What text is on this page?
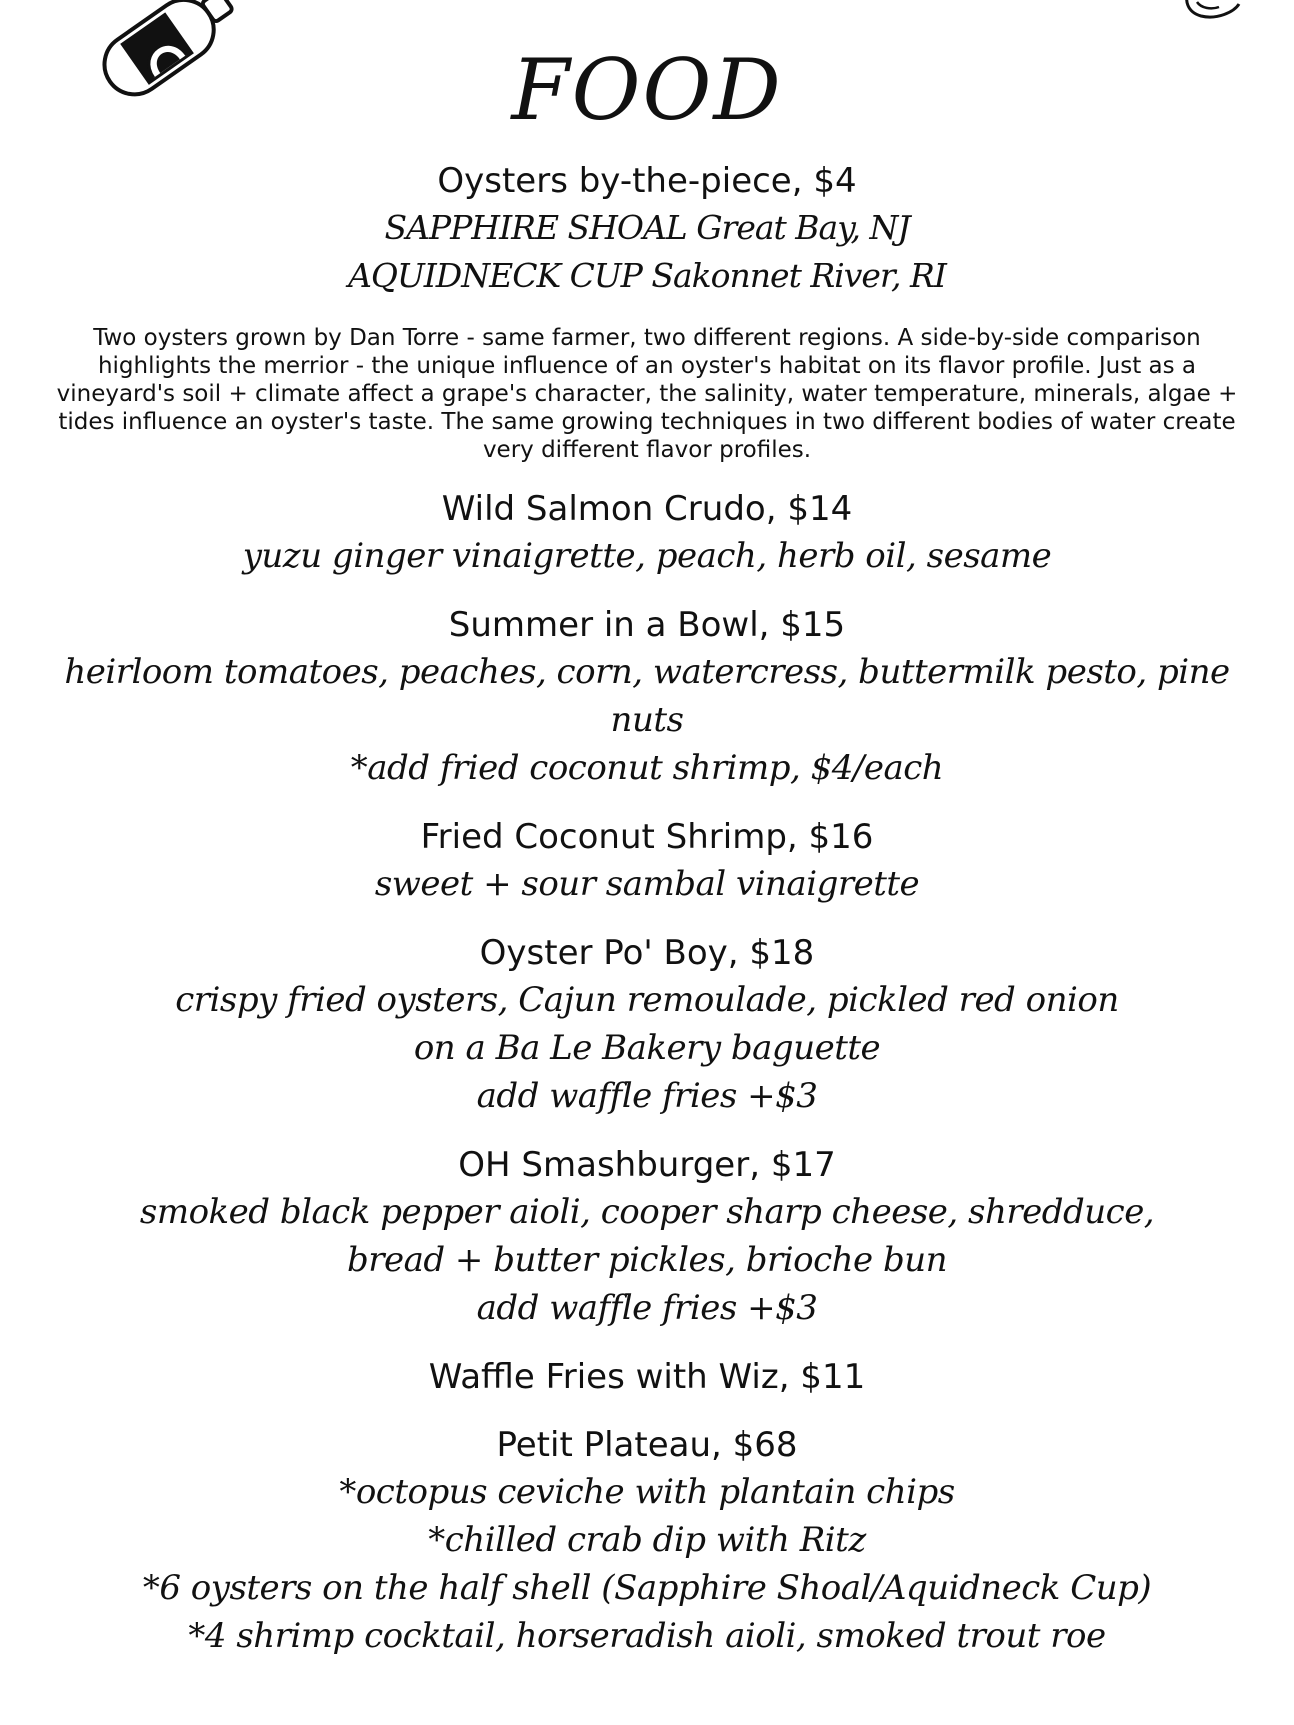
FOOD
Oysters by-the-piece, $4
SAPPHIRE SHOAL Great Bay, NJ
AQUIDNECK CUP Sakonnet River, RI
Two oysters grown by Dan Torre - same farmer, two different regions. A side-by-side comparison highlights the merrior - the unique influence of an oyster's habitat on its flavor profile. Just as a vineyard's soil + climate affect a grape's character, the salinity, water temperature, minerals, algae + tides influence an oyster's taste. The same growing techniques in two different bodies of water create very different flavor profiles.
Wild Salmon Crudo, $14
yuzu ginger vinaigrette, peach, herb oil, sesame
Summer in a Bowl, $15
heirloom tomatoes, peaches, corn, watercress, buttermilk pesto, pine nuts
*add fried coconut shrimp, $4/each
Fried Coconut Shrimp, $16
sweet + sour sambal vinaigrette
Oyster Po' Boy, $18
crispy fried oysters, Cajun remoulade, pickled red onion
on a Ba Le Bakery baguette
add waffle fries +$3
OH Smashburger, $17
smoked black pepper aioli, cooper sharp cheese, shredduce,
bread + butter pickles, brioche bun
add waffle fries +$3
Waffle Fries with Wiz, $11
Petit Plateau, $68
*octopus ceviche with plantain chips
*chilled crab dip with Ritz
*6 oysters on the half shell (Sapphire Shoal/Aquidneck Cup)
*4 shrimp cocktail, horseradish aioli, smoked trout roe
